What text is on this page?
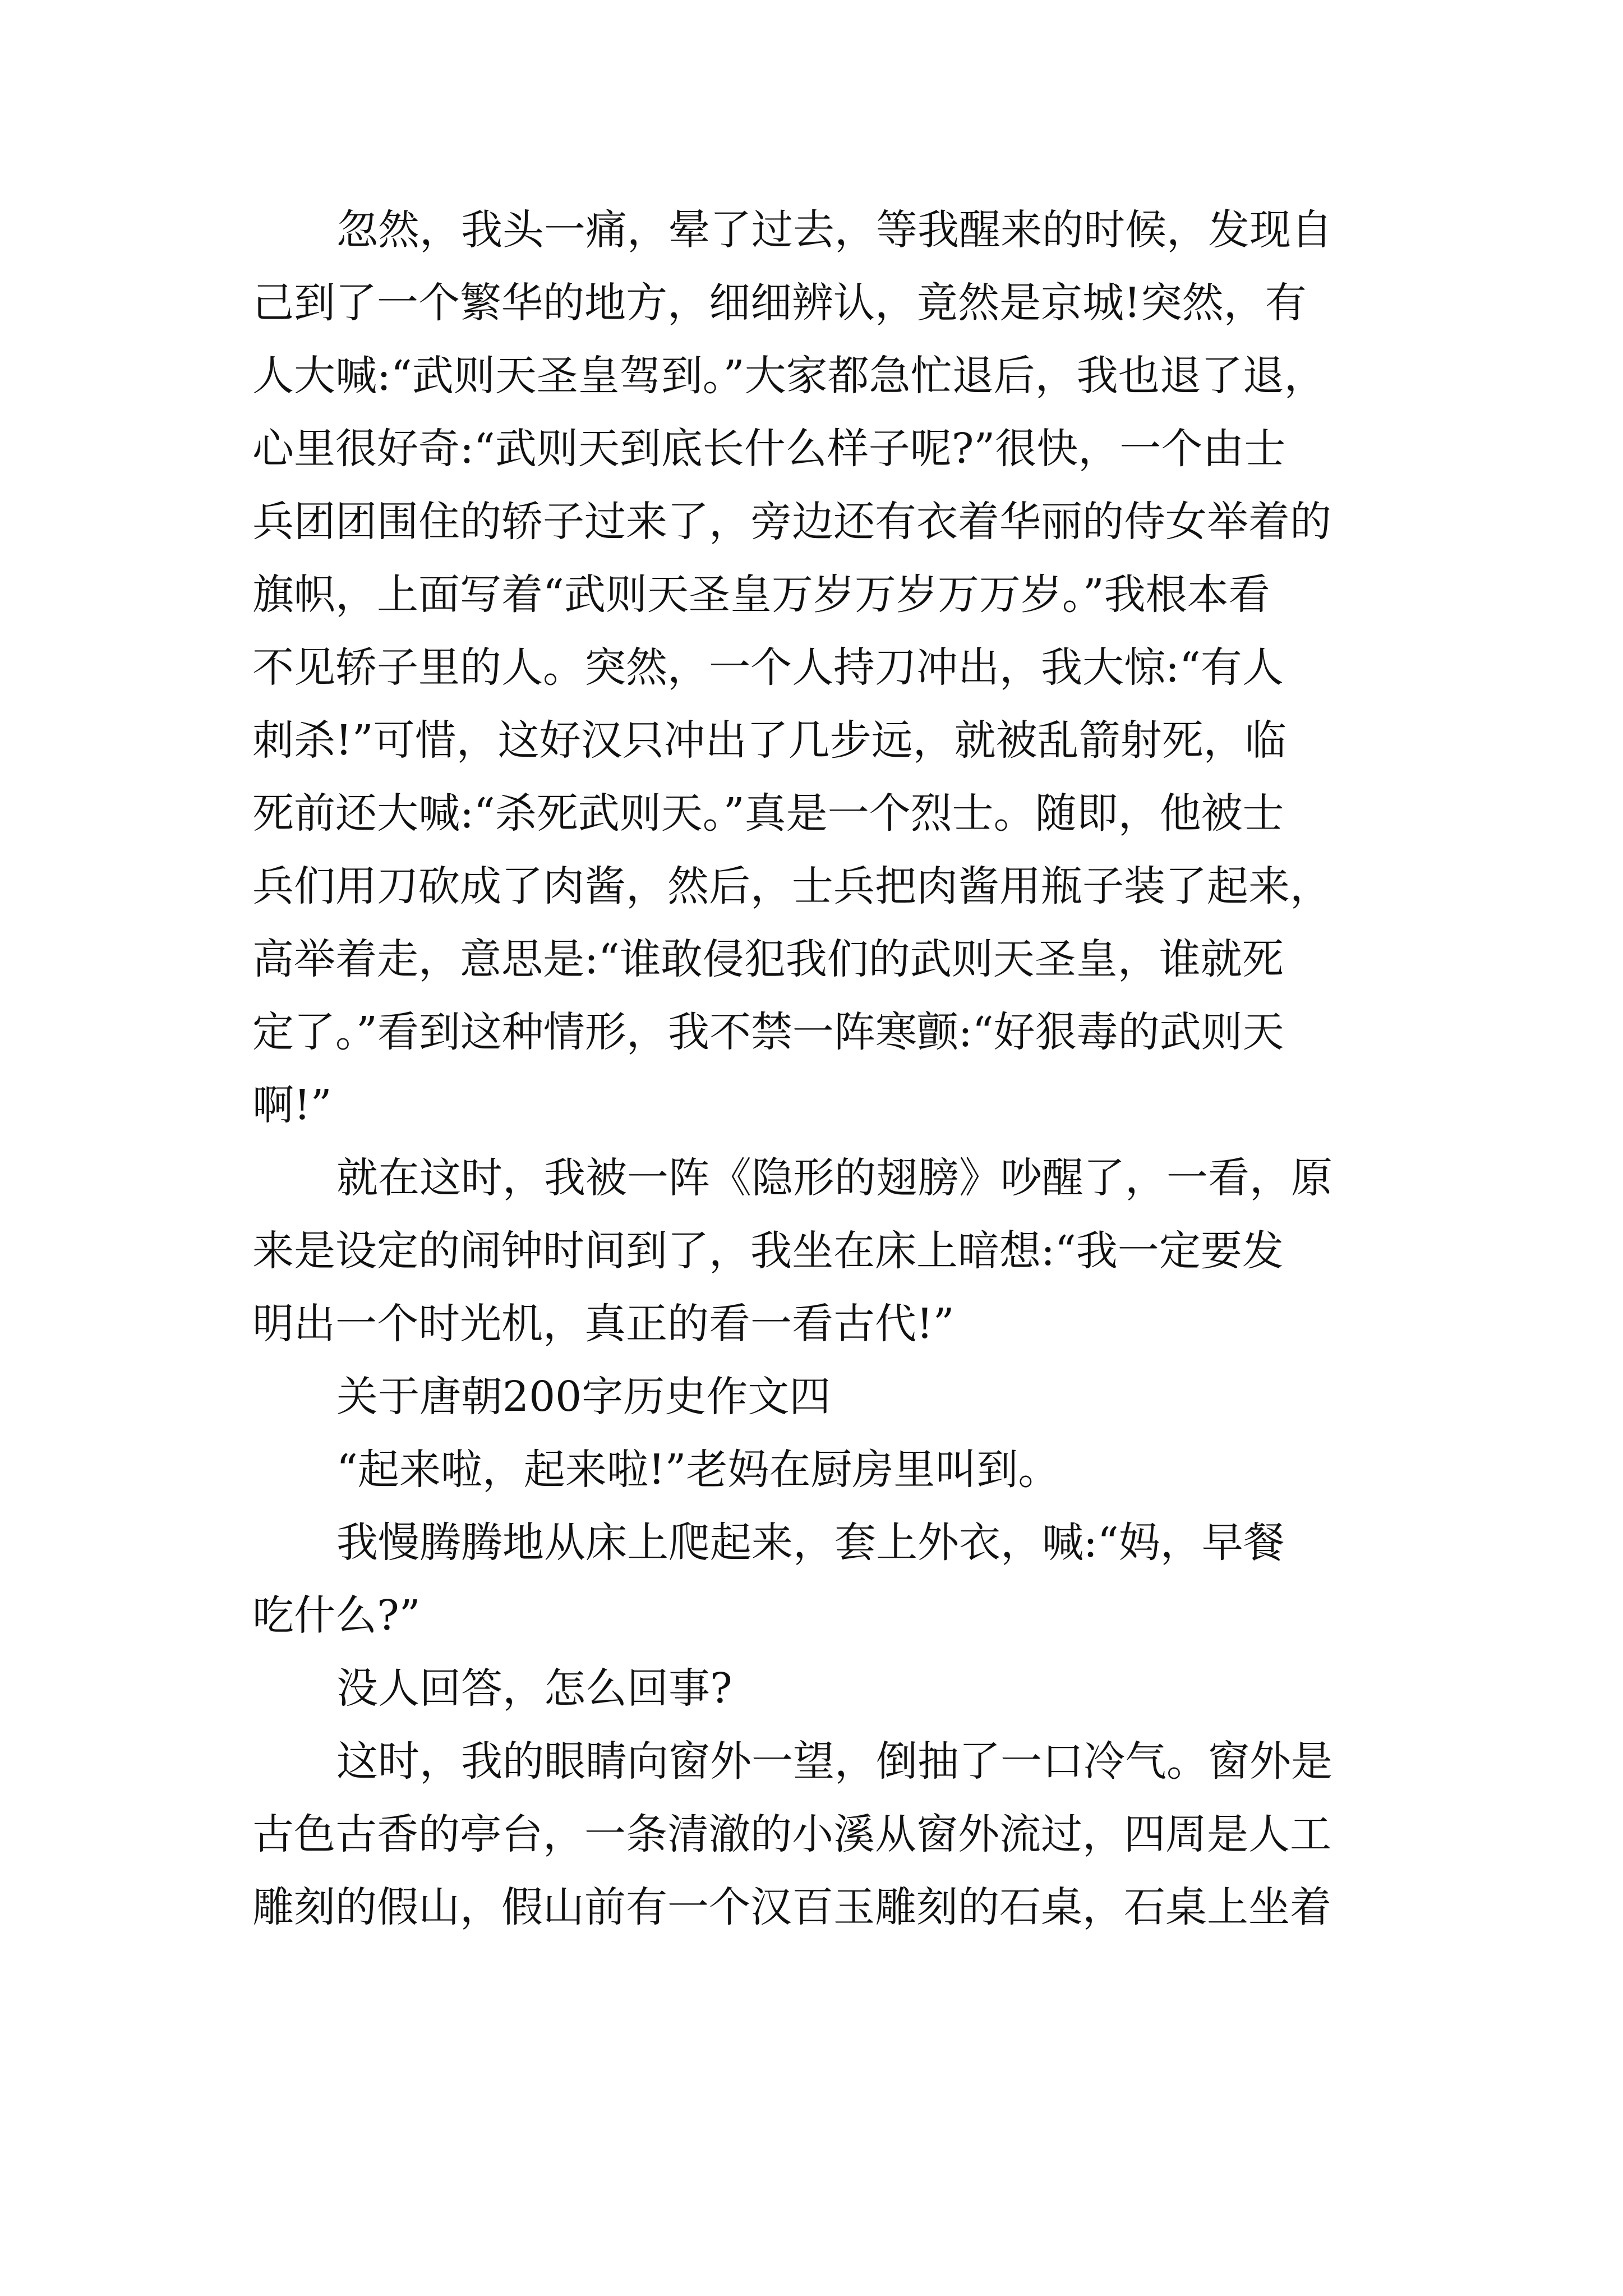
忽然，我头一痛，晕了过去，等我醒来的时候，发现自
己到了一个繁华的地方，细细辨认，竟然是京城!突然，有
人大喊:“武则天圣皇驾到。”大家都急忙退后，我也退了退，
心里很好奇:“武则天到底长什么样子呢?”很快，一个由士
兵团团围住的轿子过来了，旁边还有衣着华丽的侍女举着的
旗帜，上面写着“武则天圣皇万岁万岁万万岁。”我根本看
不见轿子里的人。突然，一个人持刀冲出，我大惊:“有人
刺杀!”可惜，这好汉只冲出了几步远，就被乱箭射死，临
死前还大喊:“杀死武则天。”真是一个烈士。随即，他被士
兵们用刀砍成了肉酱，然后，士兵把肉酱用瓶子装了起来，
高举着走，意思是:“谁敢侵犯我们的武则天圣皇，谁就死
定了。”看到这种情形，我不禁一阵寒颤:“好狠毒的武则天
啊!”
就在这时，我被一阵《隐形的翅膀》吵醒了，一看，原
来是设定的闹钟时间到了，我坐在床上暗想:“我一定要发
明出一个时光机，真正的看一看古代!”
关于唐朝200字历史作文四
“起来啦，起来啦!”老妈在厨房里叫到。
我慢腾腾地从床上爬起来，套上外衣，喊:“妈，早餐
吃什么?”
没人回答，怎么回事?
这时，我的眼睛向窗外一望，倒抽了一口冷气。窗外是
古色古香的亭台，一条清澈的小溪从窗外流过，四周是人工
雕刻的假山，假山前有一个汉百玉雕刻的石桌，石桌上坐着
